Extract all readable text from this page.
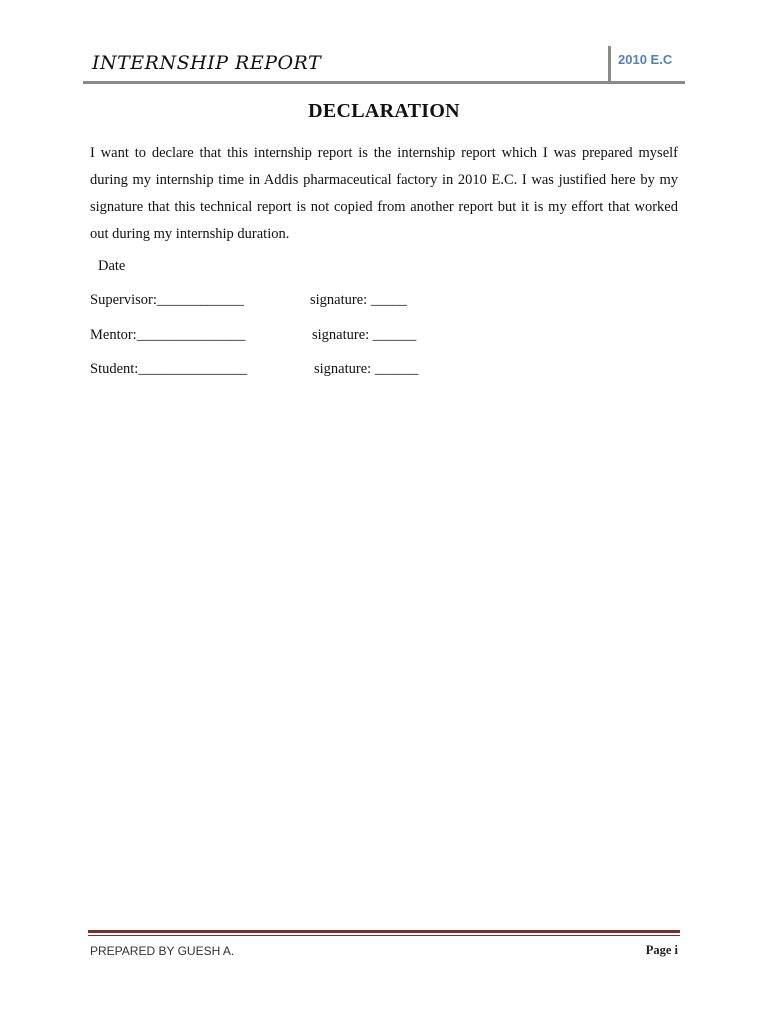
INTERNSHIP REPORT	2010 E.C
DECLARATION
I want to declare that this internship report is the internship report which I was prepared myself during my internship time in Addis pharmaceutical factory in 2010 E.C. I was justified here by my signature that this technical report is not copied from another report but it is my effort that worked out during my internship duration.
Date
Supervisor:____________	signature: _____
Mentor:_______________	signature: ______
Student:_______________	signature: ______
PREPARED BY GUESH A.	Page i
